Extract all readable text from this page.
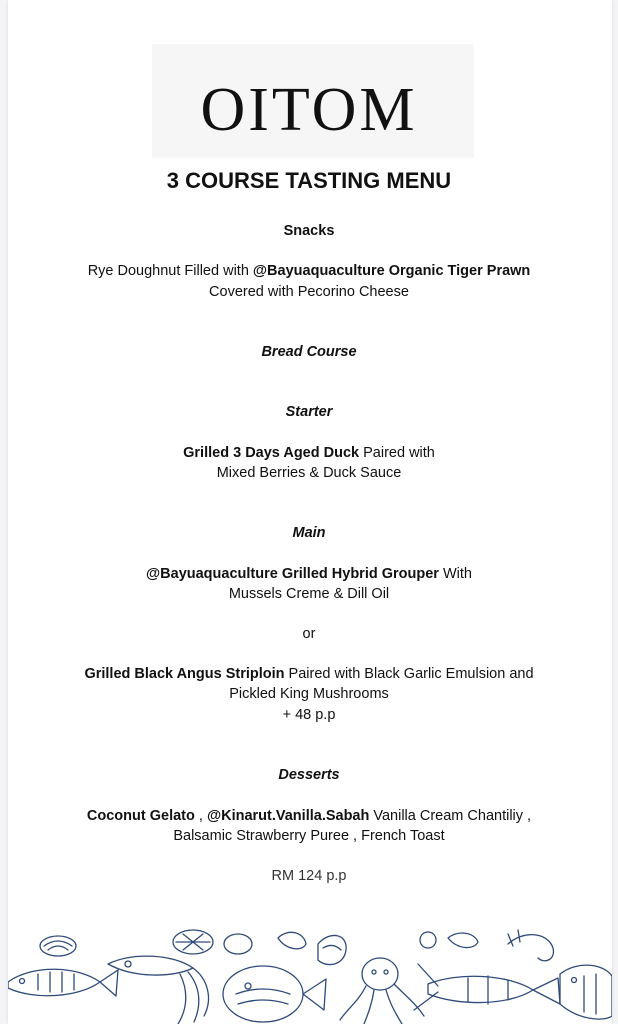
OITOM
3 COURSE TASTING MENU
Snacks
Rye Doughnut Filled with @Bayuaquaculture Organic Tiger Prawn
Covered with Pecorino Cheese
Bread Course
Starter
Grilled 3 Days Aged Duck Paired with
Mixed Berries & Duck Sauce
Main
@Bayuaquaculture Grilled Hybrid Grouper With
Mussels Creme & Dill Oil
or
Grilled Black Angus Striploin Paired with Black Garlic Emulsion and
Pickled King Mushrooms
+ 48 p.p
Desserts
Coconut Gelato , @Kinarut.Vanilla.Sabah Vanilla Cream Chantiliy ,
Balsamic Strawberry Puree , French Toast
RM 124 p.p
